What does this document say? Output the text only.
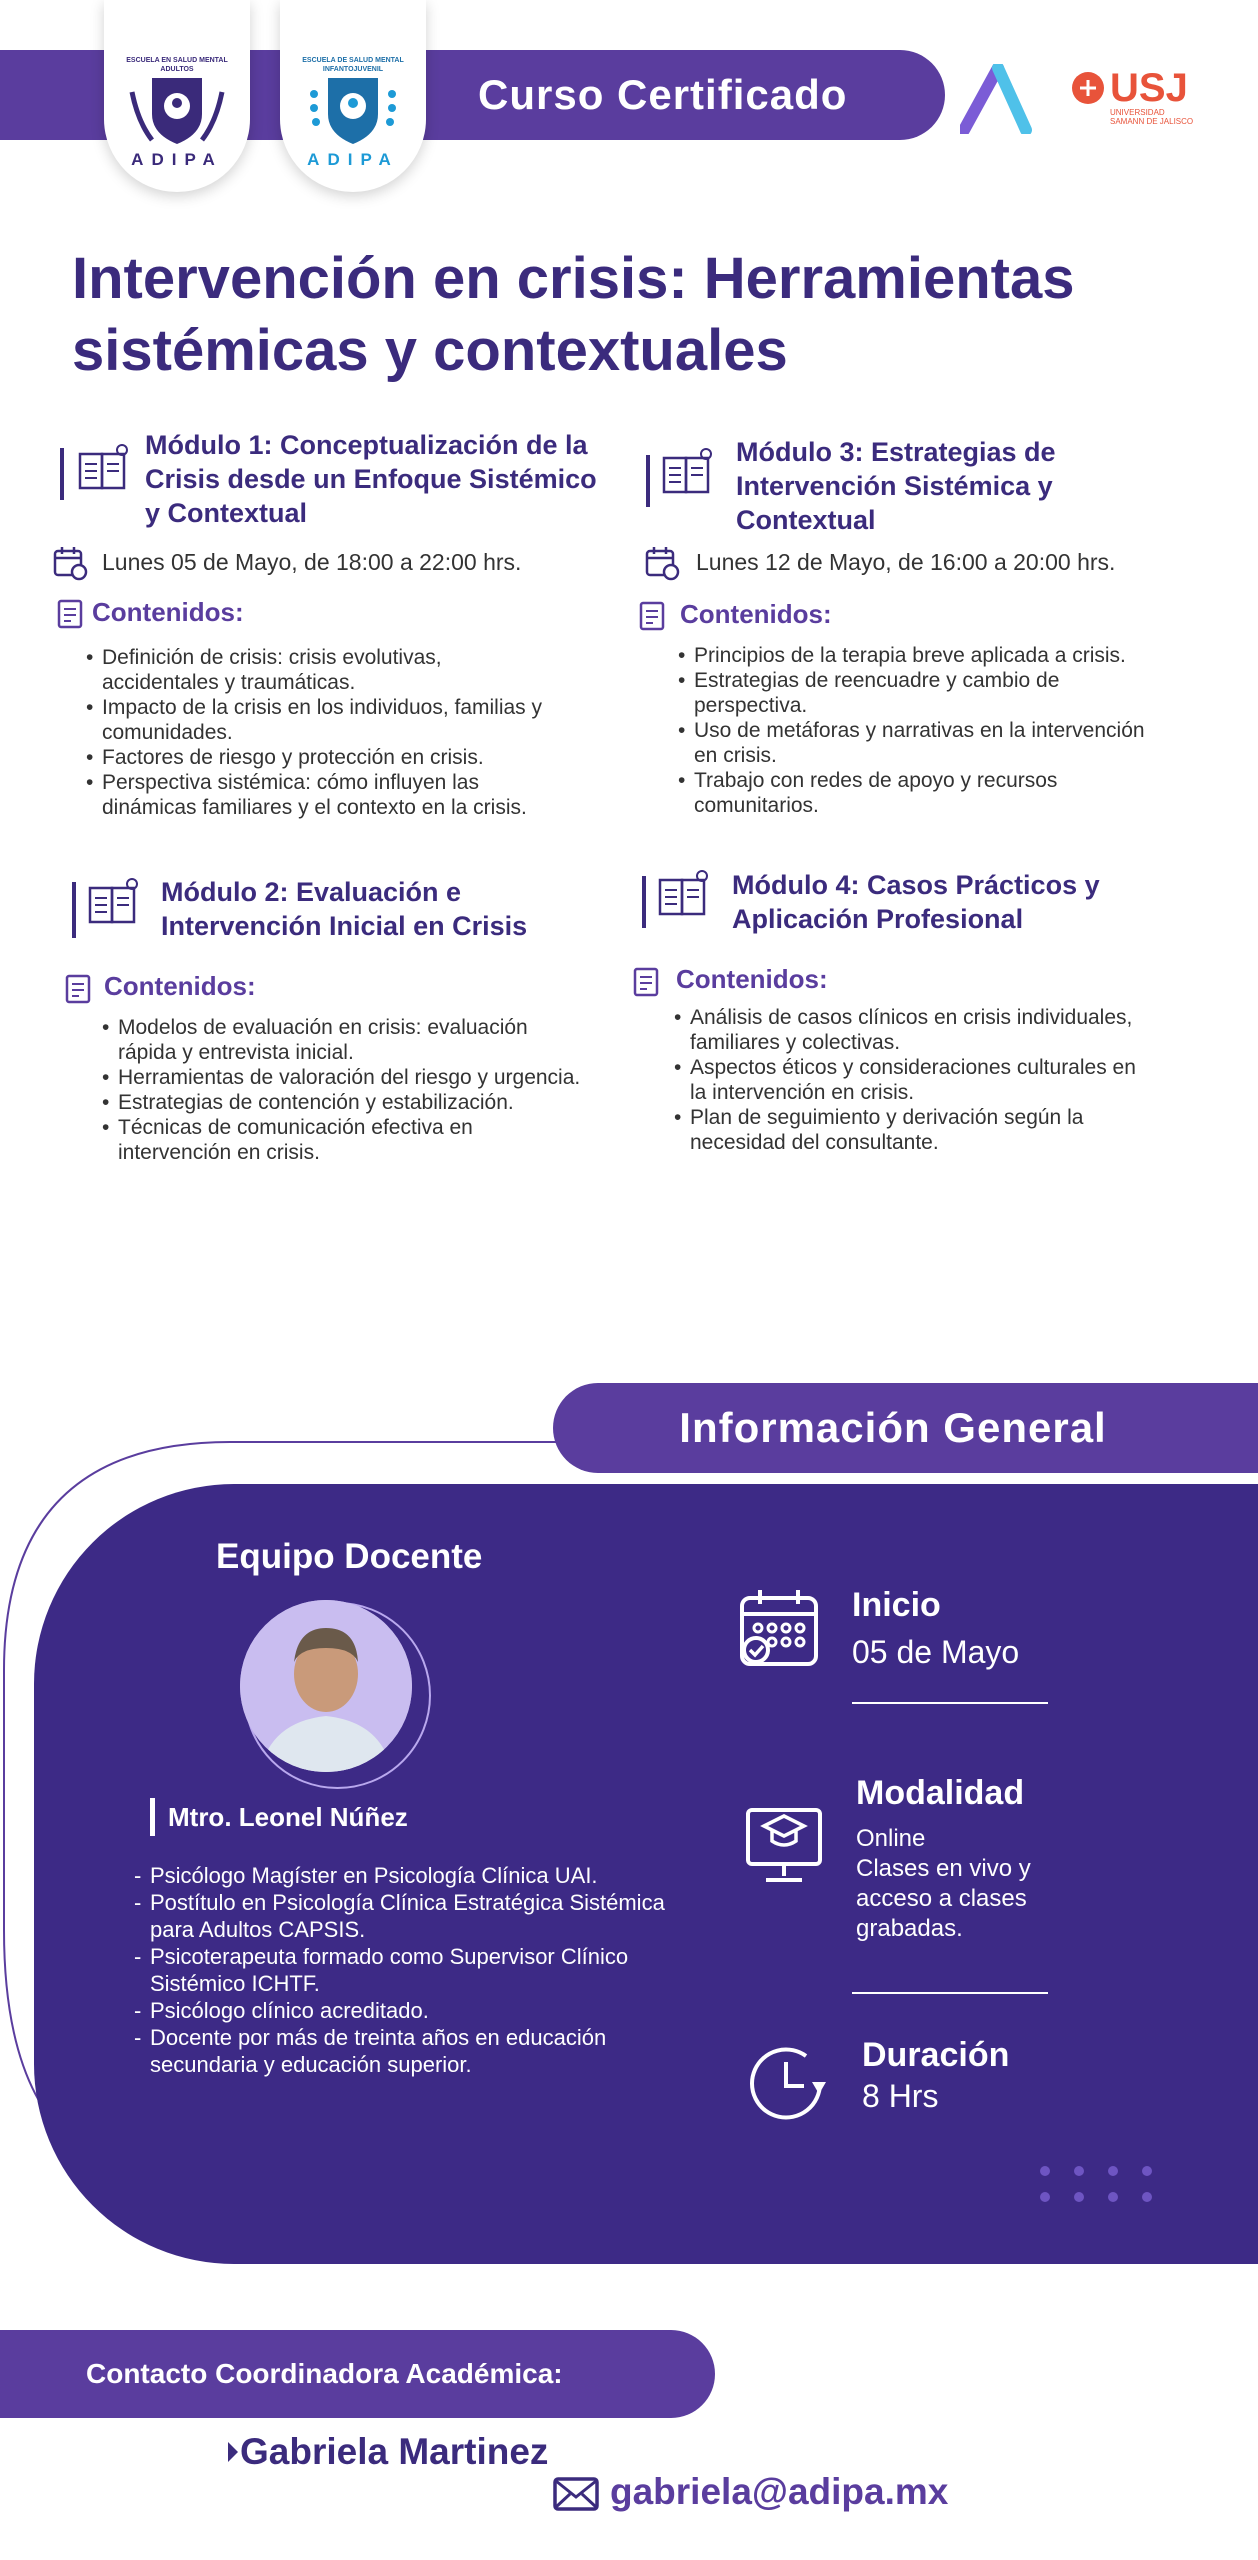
Curso Certificado
ESCUELA EN SALUD MENTAL ADULTOS
ADIPA
ESCUELA DE SALUD MENTAL INFANTOJUVENIL
ADIPA
USJ
UNIVERSIDAD SAMANN DE JALISCO
Intervención en crisis: Herramientas sistémicas y contextuales
Módulo 1: Conceptualización de la Crisis desde un Enfoque Sistémico y Contextual
Lunes 05 de Mayo, de 18:00 a 22:00 hrs.
Contenidos:
• Definición de crisis: crisis evolutivas, accidentales y traumáticas.
• Impacto de la crisis en los individuos, familias y comunidades.
• Factores de riesgo y protección en crisis.
• Perspectiva sistémica: cómo influyen las dinámicas familiares y el contexto en la crisis.
Módulo 2: Evaluación e Intervención Inicial en Crisis
Contenidos:
• Modelos de evaluación en crisis: evaluación rápida y entrevista inicial.
• Herramientas de valoración del riesgo y urgencia.
• Estrategias de contención y estabilización.
• Técnicas de comunicación efectiva en intervención en crisis.
Módulo 3: Estrategias de Intervención Sistémica y Contextual
Lunes 12 de Mayo, de 16:00 a 20:00 hrs.
Contenidos:
• Principios de la terapia breve aplicada a crisis.
• Estrategias de reencuadre y cambio de perspectiva.
• Uso de metáforas y narrativas en la intervención en crisis.
• Trabajo con redes de apoyo y recursos comunitarios.
Módulo 4: Casos Prácticos y Aplicación Profesional
Contenidos:
• Análisis de casos clínicos en crisis individuales, familiares y colectivas.
• Aspectos éticos y consideraciones culturales en la intervención en crisis.
• Plan de seguimiento y derivación según la necesidad del consultante.
Información General
Equipo Docente
Mtro. Leonel Núñez
- Psicólogo Magíster en Psicología Clínica UAI.
- Postítulo en Psicología Clínica Estratégica Sistémica para Adultos CAPSIS.
- Psicoterapeuta formado como Supervisor Clínico Sistémico ICHTF.
- Psicólogo clínico acreditado.
- Docente por más de treinta años en educación secundaria y educación superior.
Inicio
05 de Mayo
Modalidad
Online
Clases en vivo y
acceso a clases
grabadas.
Duración
8 Hrs
Contacto Coordinadora Académica:
Gabriela Martinez
gabriela@adipa.mx
